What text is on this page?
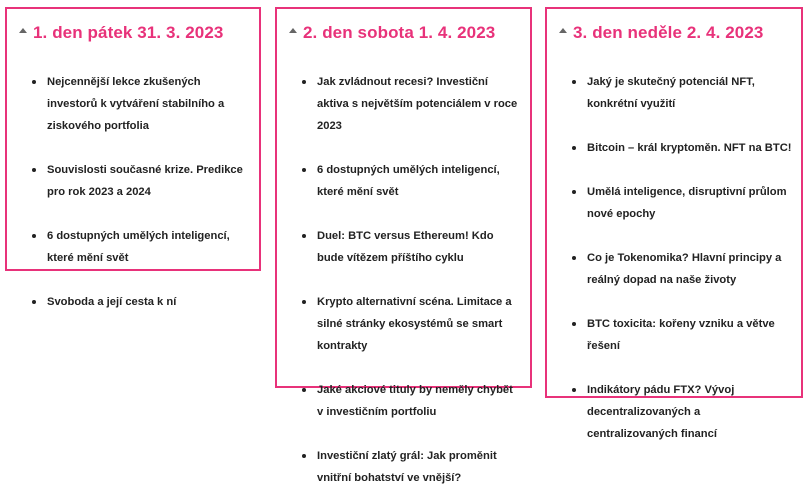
1. den pátek 31. 3. 2023
Nejcennější lekce zkušených investorů k vytváření stabilního a ziskového portfolia
Souvislosti současné krize. Predikce pro rok 2023 a 2024
6 dostupných umělých inteligencí, které mění svět
Svoboda a její cesta k ní
2. den sobota 1. 4. 2023
Jak zvládnout recesi? Investiční aktiva s největším potenciálem v roce 2023
6 dostupných umělých inteligencí, které mění svět
Duel: BTC versus Ethereum! Kdo bude vítězem příštího cyklu
Krypto alternativní scéna. Limitace a silné stránky ekosystémů se smart kontrakty
Jaké akciové tituly by neměly chybět v investičním portfoliu
Investiční zlatý grál: Jak proměnit vnitřní bohatství ve vnější?
3. den neděle 2. 4. 2023
Jaký je skutečný potenciál NFT, konkrétní využití
Bitcoin – král kryptoměn. NFT na BTC!
Umělá inteligence, disruptivní průlom nové epochy
Co je Tokenomika? Hlavní principy a reálný dopad na naše životy
BTC toxicita: kořeny vzniku a větve řešení
Indikátory pádu FTX? Vývoj decentralizovaných a centralizovaných financí
